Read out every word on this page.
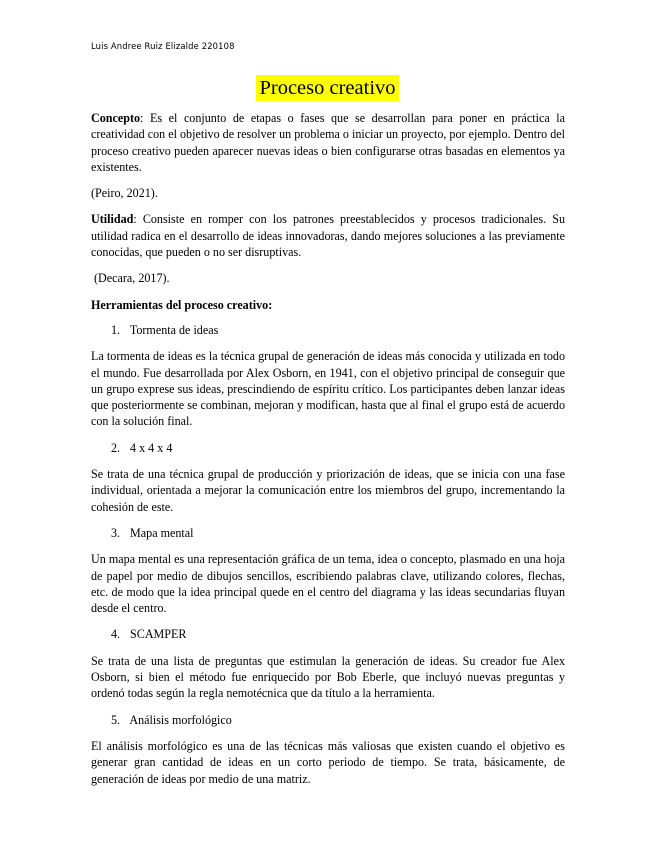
Luis Andree Ruiz Elizalde 220108
Proceso creativo

Concepto: Es el conjunto de etapas o fases que se desarrollan para poner en práctica la creatividad con el objetivo de resolver un problema o iniciar un proyecto, por ejemplo. Dentro del proceso creativo pueden aparecer nuevas ideas o bien configurarse otras basadas en elementos ya existentes.

(Peiro, 2021).

Utilidad: Consiste en romper con los patrones preestablecidos y procesos tradicionales. Su utilidad radica en el desarrollo de ideas innovadoras, dando mejores soluciones a las previamente conocidas, que pueden o no ser disruptivas.

(Decara, 2017).

Herramientas del proceso creativo:

1. Tormenta de ideas

La tormenta de ideas es la técnica grupal de generación de ideas más conocida y utilizada en todo el mundo. Fue desarrollada por Alex Osborn, en 1941, con el objetivo principal de conseguir que un grupo exprese sus ideas, prescindiendo de espíritu crítico. Los participantes deben lanzar ideas que posteriormente se combinan, mejoran y modifican, hasta que al final el grupo está de acuerdo con la solución final.

2. 4 x 4 x 4

Se trata de una técnica grupal de producción y priorización de ideas, que se inicia con una fase individual, orientada a mejorar la comunicación entre los miembros del grupo, incrementando la cohesión de este.

3. Mapa mental

Un mapa mental es una representación gráfica de un tema, idea o concepto, plasmado en una hoja de papel por medio de dibujos sencillos, escribiendo palabras clave, utilizando colores, flechas, etc. de modo que la idea principal quede en el centro del diagrama y las ideas secundarias fluyan desde el centro.

4. SCAMPER

Se trata de una lista de preguntas que estimulan la generación de ideas. Su creador fue Alex Osborn, si bien el método fue enriquecido por Bob Eberle, que incluyó nuevas preguntas y ordenó todas según la regla nemotécnica que da título a la herramienta.

5. Análisis morfológico

El análisis morfológico es una de las técnicas más valiosas que existen cuando el objetivo es generar gran cantidad de ideas en un corto periodo de tiempo. Se trata, básicamente, de generación de ideas por medio de una matriz.
